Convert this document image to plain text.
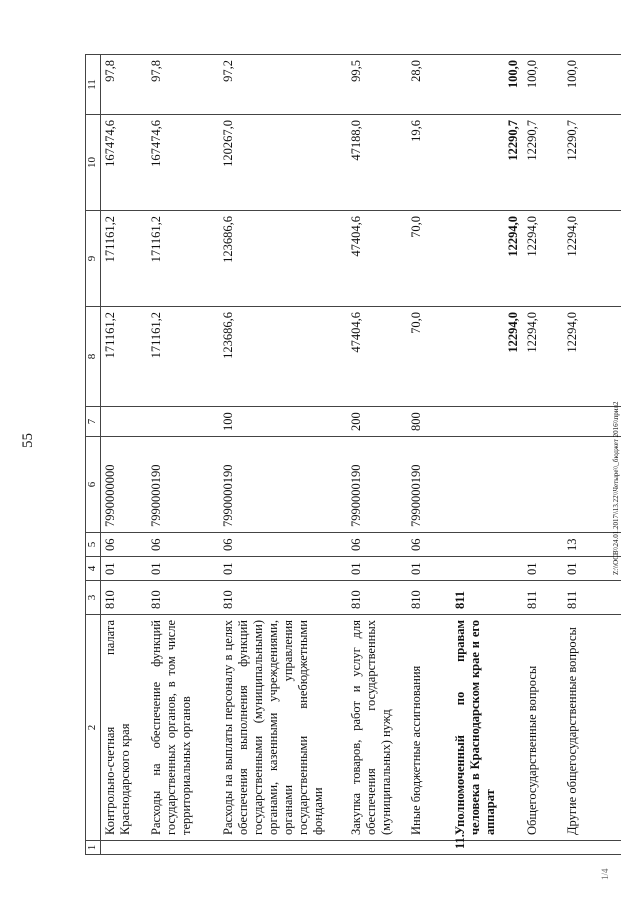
55
1	2	3	4	5	6	7	8	9	10	11
	Контрольно-счетная палата Краснодарского края	810	01	06	7990000000		171161,2	171161,2	167474,6	97,8
	Расходы на обеспечение функций государственных органов, в том числе территориальных органов	810	01	06	7990000190		171161,2	171161,2	167474,6	97,8
	Расходы на выплаты персоналу в целях обеспечения выполнения функций государственными (муниципальными) органами, казенными учреждениями, органами управления государственными внебюджетными фондами	810	01	06	7990000190	100	123686,6	123686,6	120267,0	97,2
	Закупка товаров, работ и услуг для обеспечения государственных (муниципальных) нужд	810	01	06	7990000190	200	47404,6	47404,6	47188,0	99,5
	Иные бюджетные ассигнования	810	01	06	7990000190	800	70,0	70,0	19,6	28,0
11.	Уполномоченный по правам человека в Краснодарском крае и его аппарат	811					12294,0	12294,0	12290,7	100,0
	Общегосударственные вопросы	811	01				12294,0	12294,0	12290,7	100,0
	Другие общегосударственные вопросы	811	01	13			12294,0	12294,0	12290,7	100,0
Z:\\ОСВ\\24.01.2017\\13.22\\Четыре\\_бюджет 2016\\прил2
1/4
